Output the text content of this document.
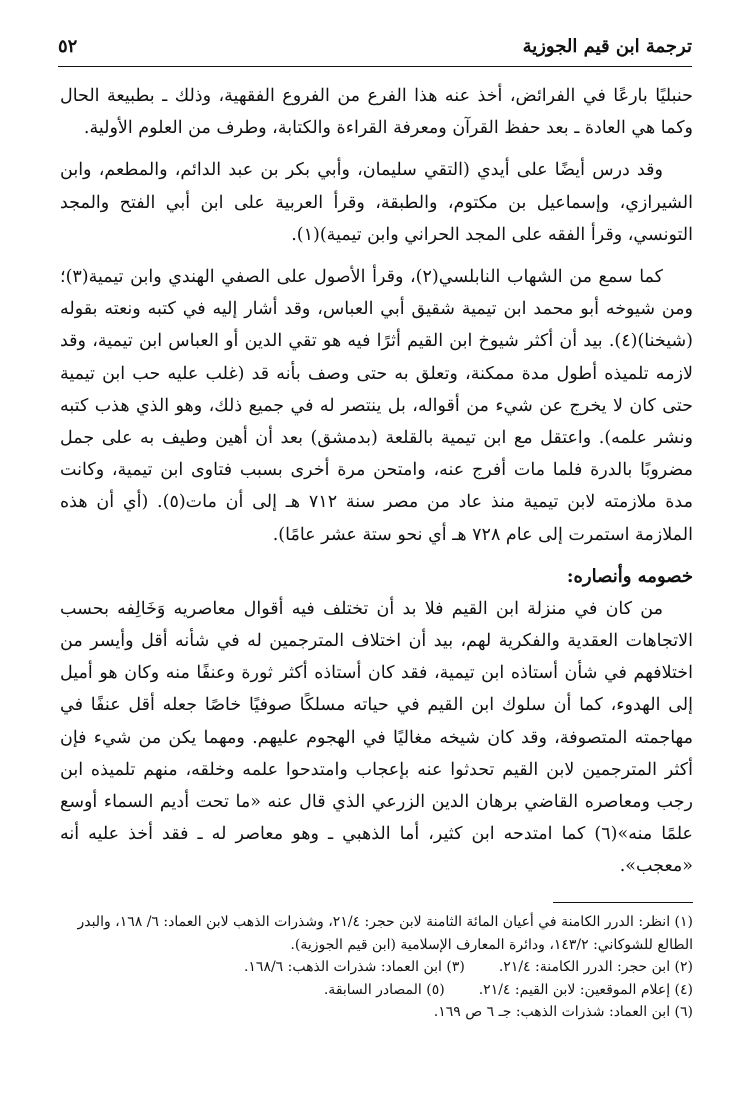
ترجمة ابن قيم الجوزية
٥٢

حنبليًا بارعًا في الفرائض، أخذ عنه هذا الفرع من الفروع الفقهية، وذلك ـ بطبيعة الحال وكما هي العادة ـ بعد حفظ القرآن ومعرفة القراءة والكتابة، وطرف من العلوم الأولية.

وقد درس أيضًا على أيدي (التقي سليمان، وأبي بكر بن عبد الدائم، والمطعم، وابن الشيرازي، وإسماعيل بن مكتوم، والطبقة، وقرأ العربية على ابن أبي الفتح والمجد التونسي، وقرأ الفقه على المجد الحراني وابن تيمية)(١).

كما سمع من الشهاب النابلسي(٢)، وقرأ الأصول على الصفي الهندي وابن تيمية(٣)؛ ومن شيوخه أبو محمد ابن تيمية شقيق أبي العباس، وقد أشار إليه في كتبه ونعته بقوله (شيخنا)(٤). بيد أن أكثر شيوخ ابن القيم أثرًا فيه هو تقي الدين أو العباس ابن تيمية، وقد لازمه تلميذه أطول مدة ممكنة، وتعلق به حتى وصف بأنه قد (غلب عليه حب ابن تيمية حتى كان لا يخرج عن شيء من أقواله، بل ينتصر له في جميع ذلك، وهو الذي هذب كتبه ونشر علمه). واعتقل مع ابن تيمية بالقلعة (بدمشق) بعد أن أهين وطيف به على جمل مضروبًا بالدرة فلما مات أفرج عنه، وامتحن مرة أخرى بسبب فتاوى ابن تيمية، وكانت مدة ملازمته لابن تيمية منذ عاد من مصر سنة ٧١٢ هـ إلى أن مات(٥). (أي أن هذه الملازمة استمرت إلى عام ٧٢٨ هـ أي نحو ستة عشر عامًا).

خصومه وأنصاره:

من كان في منزلة ابن القيم فلا بد أن تختلف فيه أقوال معاصريه وَخَالِفه بحسب الاتجاهات العقدية والفكرية لهم، بيد أن اختلاف المترجمين له في شأنه أقل وأيسر من اختلافهم في شأن أستاذه ابن تيمية، فقد كان أستاذه أكثر ثورة وعنفًا منه وكان هو أميل إلى الهدوء، كما أن سلوك ابن القيم في حياته مسلكًا صوفيًا خاصًا جعله أقل عنفًا في مهاجمته المتصوفة، وقد كان شيخه مغاليًا في الهجوم عليهم. ومهما يكن من شيء فإن أكثر المترجمين لابن القيم تحدثوا عنه بإعجاب وامتدحوا علمه وخلقه، منهم تلميذه ابن رجب ومعاصره القاضي برهان الدين الزرعي الذي قال عنه «ما تحت أديم السماء أوسع علمًا منه»(٦) كما امتدحه ابن كثير، أما الذهبي ـ وهو معاصر له ـ فقد أخذ عليه أنه «معجب».

(١) انظر: الدرر الكامنة في أعيان المائة الثامنة لابن حجر: ٢١/٤، وشذرات الذهب لابن العماد: ٦/ ١٦٨، والبدر الطالع للشوكاني: ١٤٣/٢، ودائرة المعارف الإسلامية (ابن قيم الجوزية).
(٢) ابن حجر: الدرر الكامنة: ٢١/٤.(٣) ابن العماد: شذرات الذهب: ١٦٨/٦.
(٤) إعلام الموقعين: لابن القيم: ٢١/٤.(٥) المصادر السابقة.
(٦) ابن العماد: شذرات الذهب: جـ ٦ ص ١٦٩.
